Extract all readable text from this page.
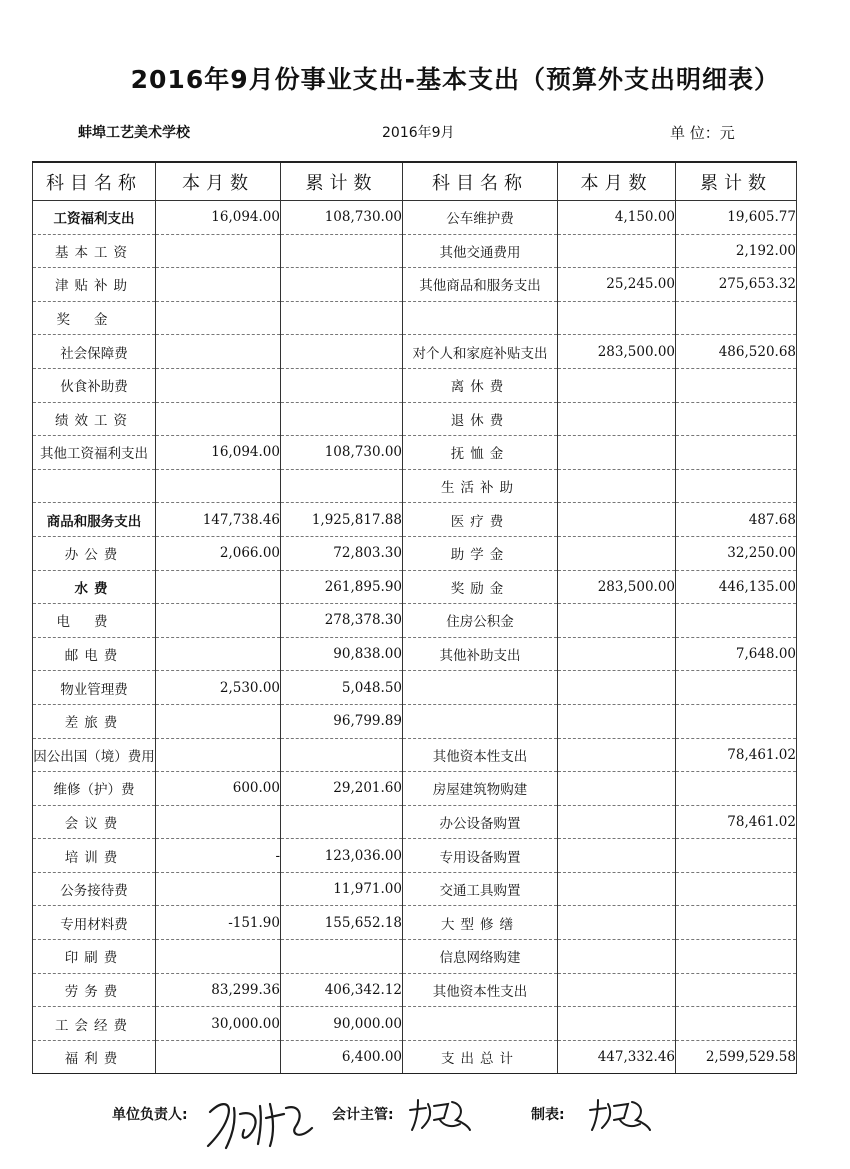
2016年9月份事业支出-基本支出（预算外支出明细表）
蚌埠工艺美术学校	2016年9月	单 位：元
科目名称	本月数	累计数	科目名称	本月数	累计数
工资福利支出	16,094.00	108,730.00	公车维护费	4,150.00	19,605.77
基本工资			其他交通费用		2,192.00
津贴补助			其他商品和服务支出	25,245.00	275,653.32
奖金					
社会保障费			对个人和家庭补贴支出	283,500.00	486,520.68
伙食补助费			离休费		
绩效工资			退休费		
其他工资福利支出	16,094.00	108,730.00	抚恤金		
			生活补助		
商品和服务支出	147,738.46	1,925,817.88	医疗费		487.68
办公费	2,066.00	72,803.30	助学金		32,250.00
水费		261,895.90	奖励金	283,500.00	446,135.00
电费		278,378.30	住房公积金		
邮电费		90,838.00	其他补助支出		7,648.00
物业管理费	2,530.00	5,048.50			
差旅费		96,799.89			
因公出国（境）费用			其他资本性支出		78,461.02
维修（护）费	600.00	29,201.60	房屋建筑物购建		
会议费			办公设备购置		78,461.02
培训费	-	123,036.00	专用设备购置		
公务接待费		11,971.00	交通工具购置		
专用材料费	-151.90	155,652.18	大型修缮		
印刷费			信息网络购建		
劳务费	83,299.36	406,342.12	其他资本性支出		
工会经费	30,000.00	90,000.00			
福利费		6,400.00	支出总计	447,332.46	2,599,529.58
单位负责人:	会计主管:	制表:
